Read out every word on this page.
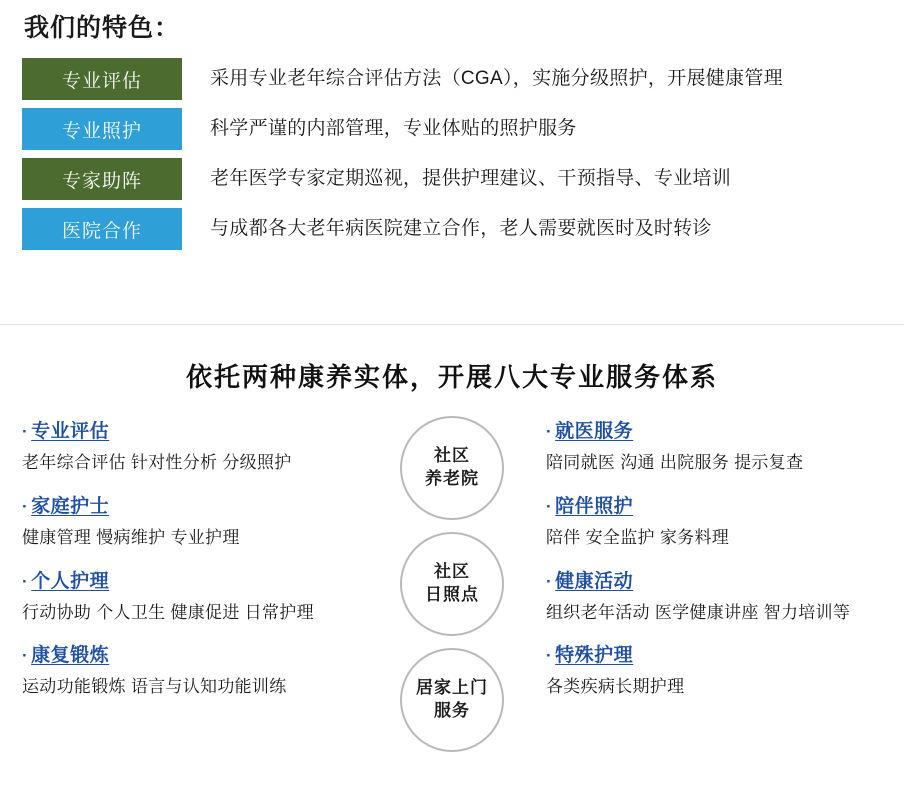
我们的特色：
专业评估	采用专业老年综合评估方法（CGA），实施分级照护，开展健康管理
专业照护	科学严谨的内部管理，专业体贴的照护服务
专家助阵	老年医学专家定期巡视，提供护理建议、干预指导、专业培训
医院合作	与成都各大老年病医院建立合作，老人需要就医时及时转诊
依托两种康养实体，开展八大专业服务体系
· 专业评估
老年综合评估 针对性分析 分级照护
· 家庭护士
健康管理 慢病维护 专业护理
· 个人护理
行动协助 个人卫生 健康促进 日常护理
· 康复锻炼
运动功能锻炼 语言与认知功能训练
社区
养老院
社区
日照点
居家上门
服务
· 就医服务
陪同就医 沟通 出院服务 提示复查
· 陪伴照护
陪伴 安全监护 家务料理
· 健康活动
组织老年活动 医学健康讲座 智力培训等
· 特殊护理
各类疾病长期护理
